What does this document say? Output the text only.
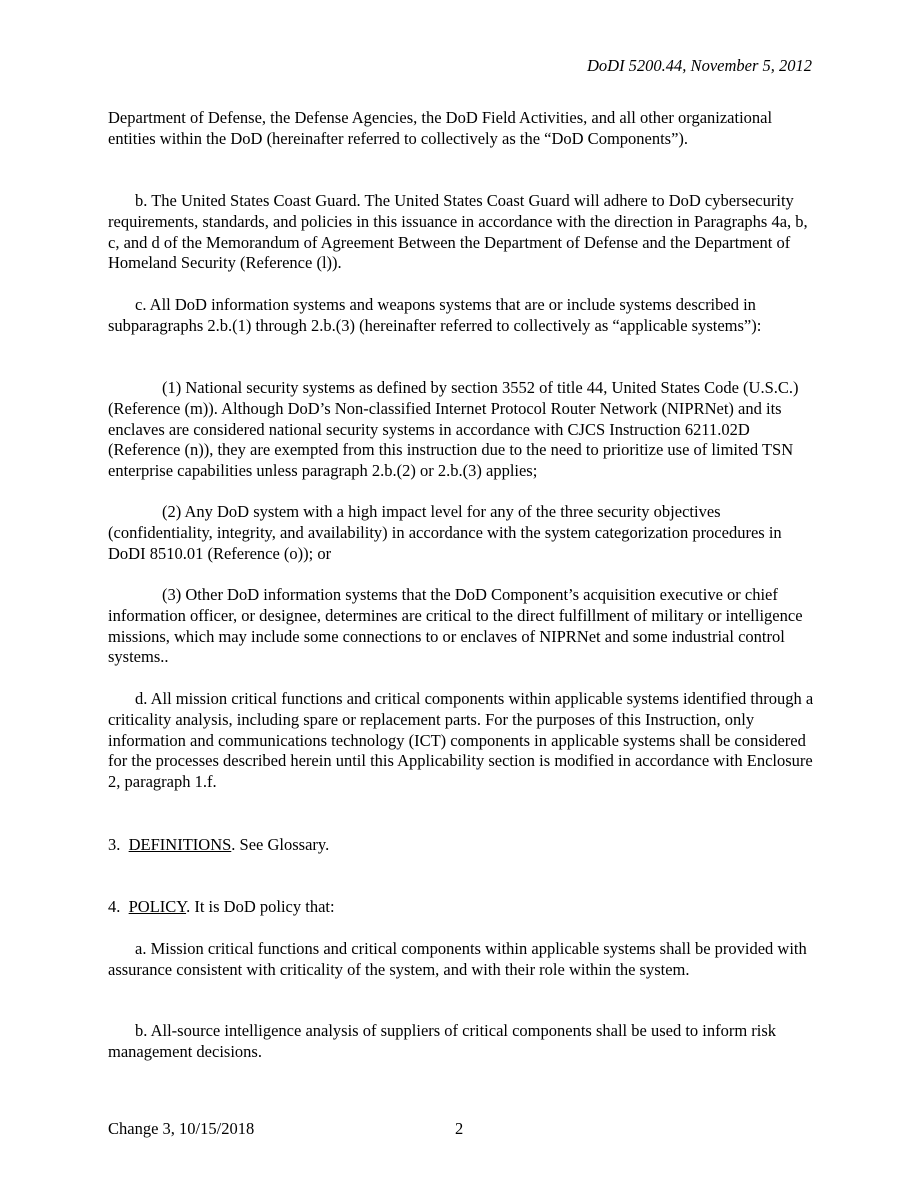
DoDI 5200.44, November 5, 2012

Department of Defense, the Defense Agencies, the DoD Field Activities, and all other organizational entities within the DoD (hereinafter referred to collectively as the “DoD Components”).

b. The United States Coast Guard. The United States Coast Guard will adhere to DoD cybersecurity requirements, standards, and policies in this issuance in accordance with the direction in Paragraphs 4a, b, c, and d of the Memorandum of Agreement Between the Department of Defense and the Department of Homeland Security (Reference (l)).

c. All DoD information systems and weapons systems that are or include systems described in subparagraphs 2.b.(1) through 2.b.(3) (hereinafter referred to collectively as “applicable systems”):

(1) National security systems as defined by section 3552 of title 44, United States Code (U.S.C.) (Reference (m)). Although DoD’s Non-classified Internet Protocol Router Network (NIPRNet) and its enclaves are considered national security systems in accordance with CJCS Instruction 6211.02D (Reference (n)), they are exempted from this instruction due to the need to prioritize use of limited TSN enterprise capabilities unless paragraph 2.b.(2) or 2.b.(3) applies;

(2) Any DoD system with a high impact level for any of the three security objectives (confidentiality, integrity, and availability) in accordance with the system categorization procedures in DoDI 8510.01 (Reference (o)); or

(3) Other DoD information systems that the DoD Component’s acquisition executive or chief information officer, or designee, determines are critical to the direct fulfillment of military or intelligence missions, which may include some connections to or enclaves of NIPRNet and some industrial control systems..

d. All mission critical functions and critical components within applicable systems identified through a criticality analysis, including spare or replacement parts. For the purposes of this Instruction, only information and communications technology (ICT) components in applicable systems shall be considered for the processes described herein until this Applicability section is modified in accordance with Enclosure 2, paragraph 1.f.

3. DEFINITIONS. See Glossary.

4. POLICY. It is DoD policy that:

a. Mission critical functions and critical components within applicable systems shall be provided with assurance consistent with criticality of the system, and with their role within the system.

b. All-source intelligence analysis of suppliers of critical components shall be used to inform risk management decisions.

Change 3, 10/15/2018	2
